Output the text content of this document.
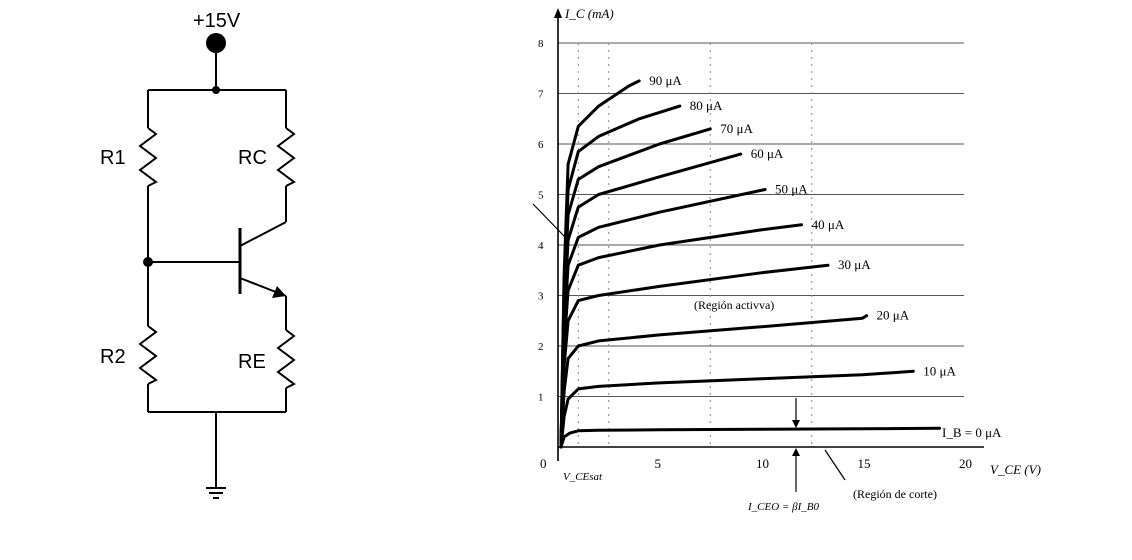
+15V
R1	RC
R2	RE
1
2
3
4
5
6
7
8
0	5	10	15	20
10 μA
20 μA
30 μA
40 μA
50 μA
60 μA
70 μA
80 μA
90 μA
(Región activva)
(Región de corte)
I_B = 0 μA
V_CEsat
I_CEO = βI_B0
I_C (mA)
V_CE (V)
